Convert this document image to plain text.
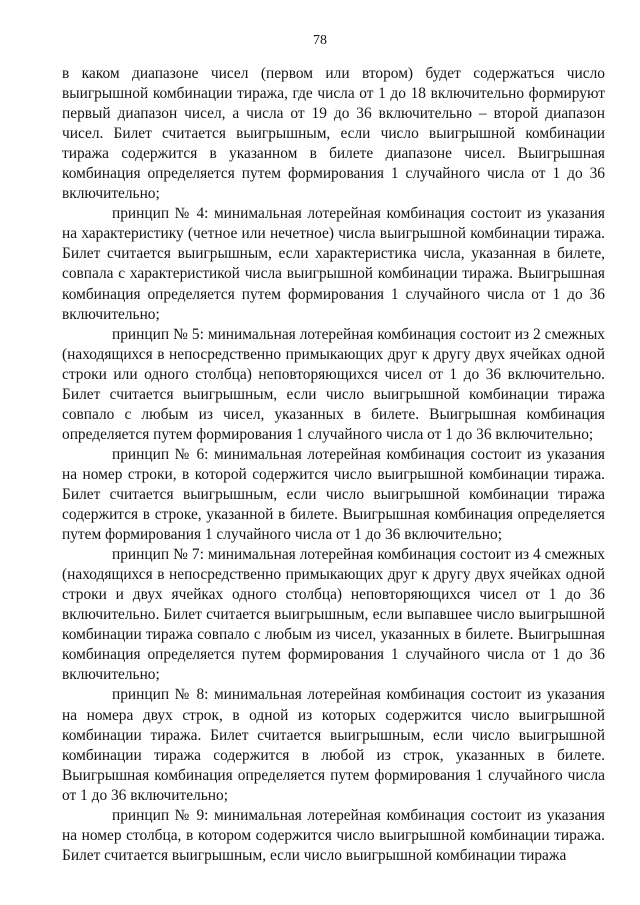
78

в каком диапазоне чисел (первом или втором) будет содержаться число выигрышной комбинации тиража, где числа от 1 до 18 включительно формируют первый диапазон чисел, а числа от 19 до 36 включительно – второй диапазон чисел. Билет считается выигрышным, если число выигрышной комбинации тиража содержится в указанном в билете диапазоне чисел. Выигрышная комбинация определяется путем формирования 1 случайного числа от 1 до 36 включительно;

принцип № 4: минимальная лотерейная комбинация состоит из указания на характеристику (четное или нечетное) числа выигрышной комбинации тиража. Билет считается выигрышным, если характеристика числа, указанная в билете, совпала с характеристикой числа выигрышной комбинации тиража. Выигрышная комбинация определяется путем формирования 1 случайного числа от 1 до 36 включительно;

принцип № 5: минимальная лотерейная комбинация состоит из 2 смежных (находящихся в непосредственно примыкающих друг к другу двух ячейках одной строки или одного столбца) неповторяющихся чисел от 1 до 36 включительно. Билет считается выигрышным, если число выигрышной комбинации тиража совпало с любым из чисел, указанных в билете. Выигрышная комбинация определяется путем формирования 1 случайного числа от 1 до 36 включительно;

принцип № 6: минимальная лотерейная комбинация состоит из указания на номер строки, в которой содержится число выигрышной комбинации тиража. Билет считается выигрышным, если число выигрышной комбинации тиража содержится в строке, указанной в билете. Выигрышная комбинация определяется путем формирования 1 случайного числа от 1 до 36 включительно;

принцип № 7: минимальная лотерейная комбинация состоит из 4 смежных (находящихся в непосредственно примыкающих друг к другу двух ячейках одной строки и двух ячейках одного столбца) неповторяющихся чисел от 1 до 36 включительно. Билет считается выигрышным, если выпавшее число выигрышной комбинации тиража совпало с любым из чисел, указанных в билете. Выигрышная комбинация определяется путем формирования 1 случайного числа от 1 до 36 включительно;

принцип № 8: минимальная лотерейная комбинация состоит из указания на номера двух строк, в одной из которых содержится число выигрышной комбинации тиража. Билет считается выигрышным, если число выигрышной комбинации тиража содержится в любой из строк, указанных в билете. Выигрышная комбинация определяется путем формирования 1 случайного числа от 1 до 36 включительно;

принцип № 9: минимальная лотерейная комбинация состоит из указания на номер столбца, в котором содержится число выигрышной комбинации тиража. Билет считается выигрышным, если число выигрышной комбинации тиража
